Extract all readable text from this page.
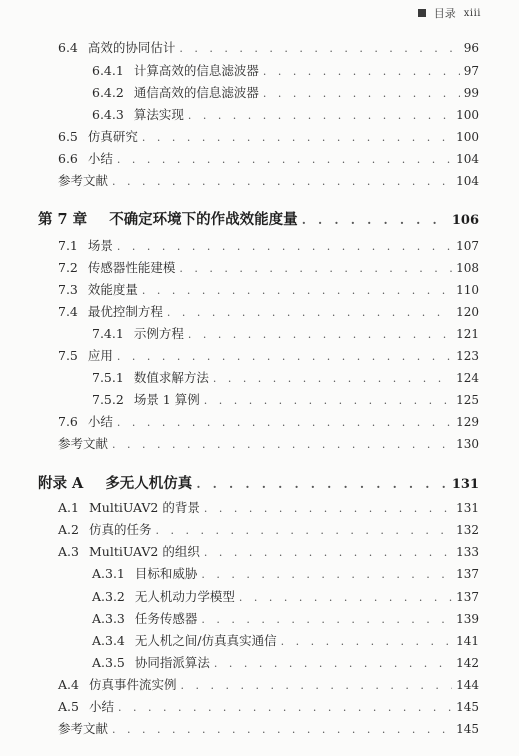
目录 xiii
6.4 高效的协同估计 . . .	96
6.4.1 计算高效的信息滤波器 . . .	97
6.4.2 通信高效的信息滤波器 . . .	99
6.4.3 算法实现 . . .	100
6.5 仿真研究 . . .	100
6.6 小结 . . .	104
参考文献 . . .	104
第 7 章 不确定环境下的作战效能度量 . . .	106
7.1 场景 . . .	107
7.2 传感器性能建模 . . .	108
7.3 效能度量 . . .	110
7.4 最优控制方程 . . .	120
7.4.1 示例方程 . . .	121
7.5 应用 . . .	123
7.5.1 数值求解方法 . . .	124
7.5.2 场景 1 算例 . . .	125
7.6 小结 . . .	129
参考文献 . . .	130
附录 A 多无人机仿真 . . .	131
A.1 MultiUAV2 的背景 . . .	131
A.2 仿真的任务 . . .	132
A.3 MultiUAV2 的组织 . . .	133
A.3.1 目标和威胁 . . .	137
A.3.2 无人机动力学模型 . . .	137
A.3.3 任务传感器 . . .	139
A.3.4 无人机之间/仿真真实通信 . . .	141
A.3.5 协同指派算法 . . .	142
A.4 仿真事件流实例 . . .	144
A.5 小结 . . .	145
参考文献 . . .	145
